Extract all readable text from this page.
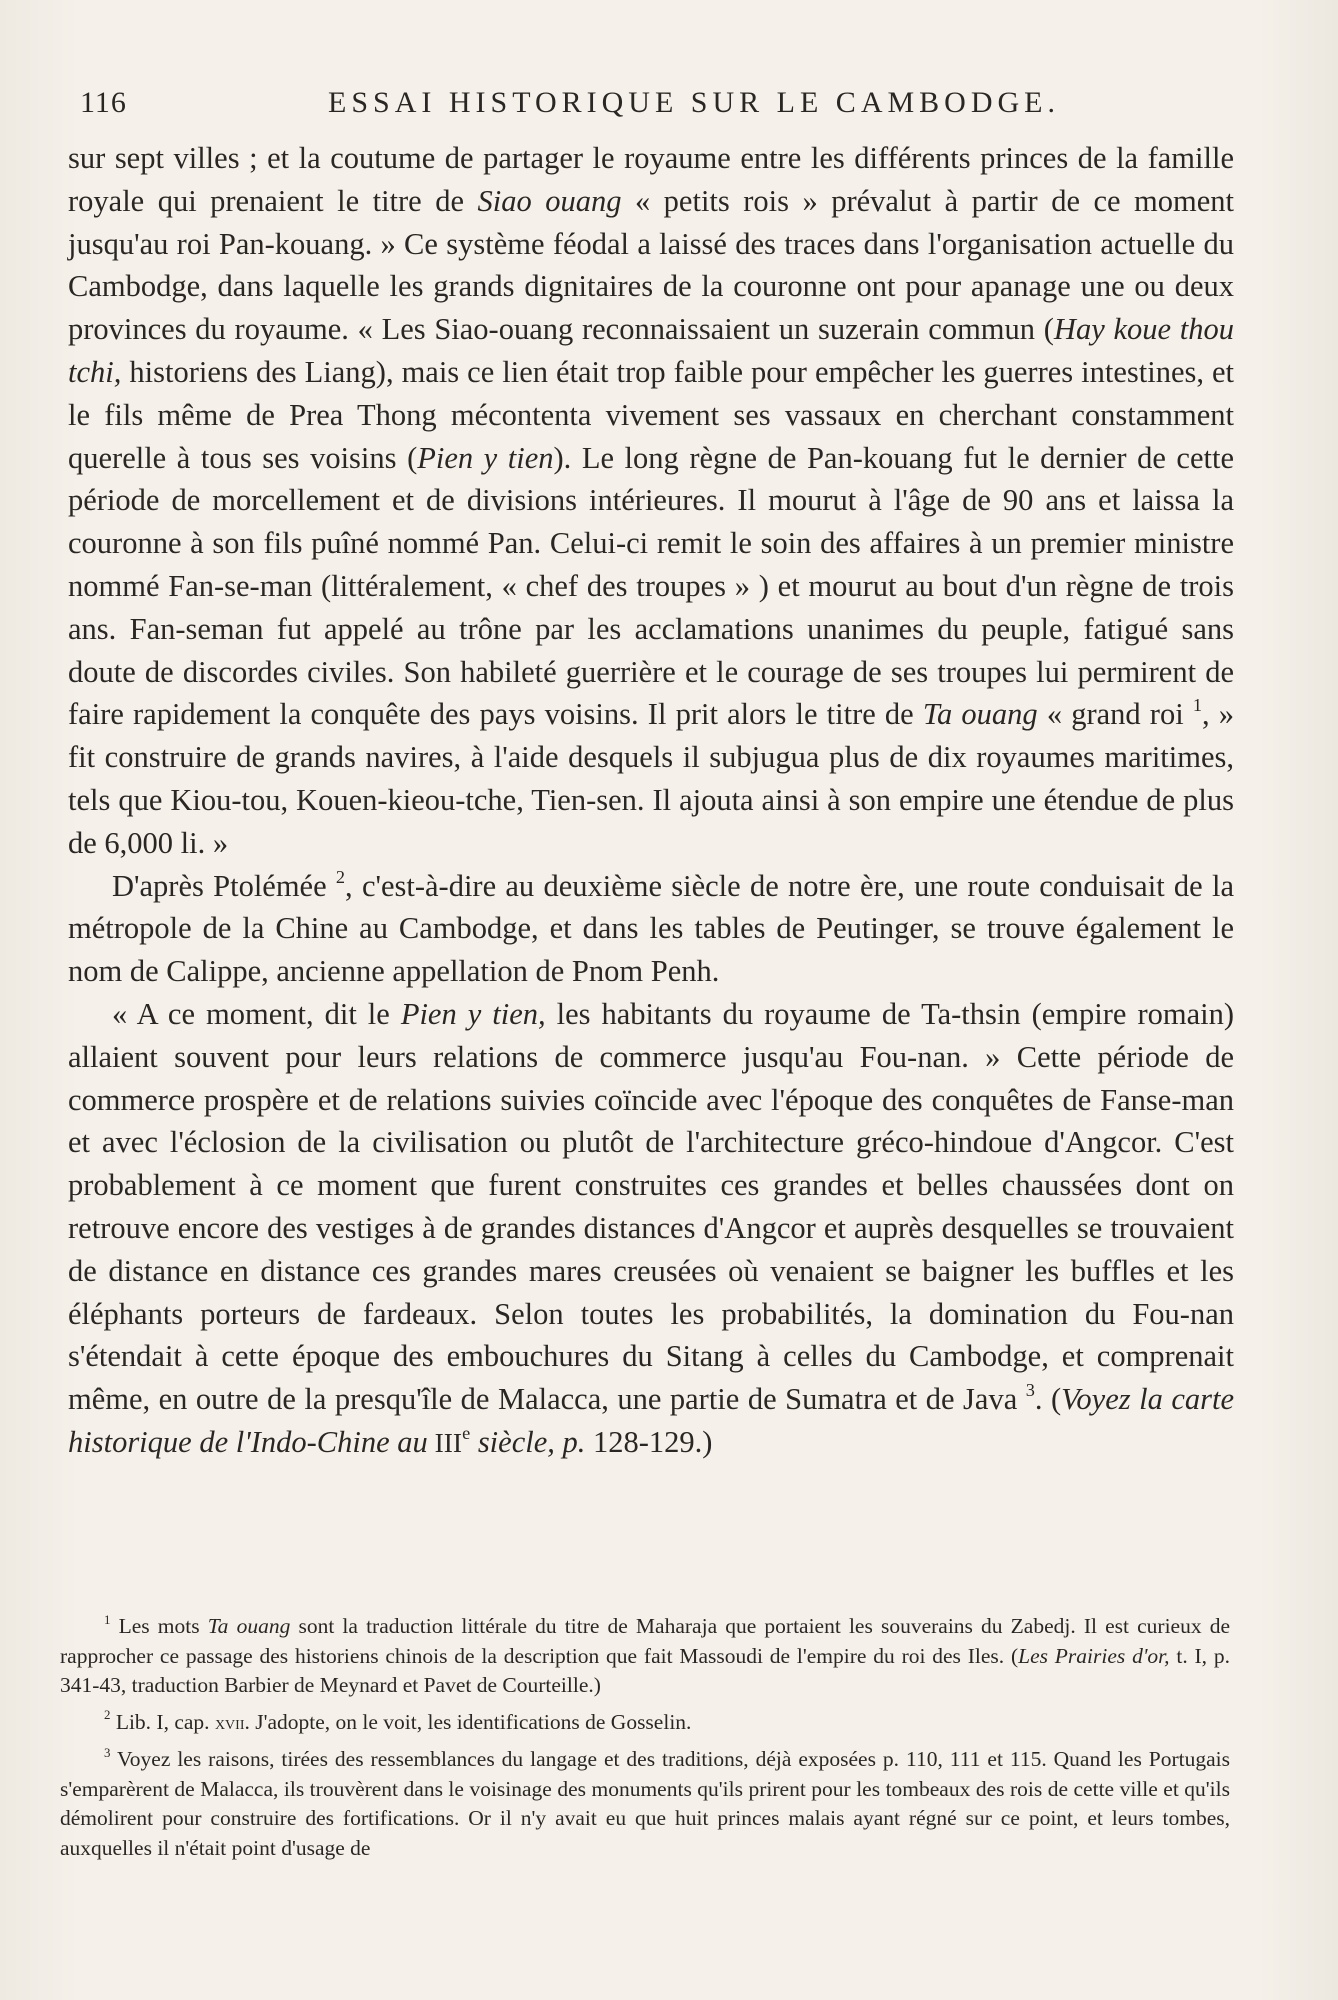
116	ESSAI HISTORIQUE SUR LE CAMBODGE.

sur sept villes ; et la coutume de partager le royaume entre les différents princes de la famille royale qui prenaient le titre de Siao ouang « petits rois » prévalut à partir de ce moment jusqu'au roi Pan-kouang. » Ce système féodal a laissé des traces dans l'organisation actuelle du Cambodge, dans laquelle les grands dignitaires de la couronne ont pour apanage une ou deux provinces du royaume. « Les Siao-ouang reconnaissaient un suzerain commun (Hay koue thou tchi, historiens des Liang), mais ce lien était trop faible pour empêcher les guerres intestines, et le fils même de Prea Thong mécontenta vivement ses vassaux en cherchant constamment querelle à tous ses voisins (Pien y tien). Le long règne de Pan-kouang fut le dernier de cette période de morcellement et de divisions intérieures. Il mourut à l'âge de 90 ans et laissa la couronne à son fils puîné nommé Pan. Celui-ci remit le soin des affaires à un premier ministre nommé Fan-se-man (littéralement, « chef des troupes » ) et mourut au bout d'un règne de trois ans. Fan-seman fut appelé au trône par les acclamations unanimes du peuple, fatigué sans doute de discordes civiles. Son habileté guerrière et le courage de ses troupes lui permirent de faire rapidement la conquête des pays voisins. Il prit alors le titre de Ta ouang « grand roi $^1$, » fit construire de grands navires, à l'aide desquels il subjugua plus de dix royaumes maritimes, tels que Kiou-tou, Kouen-kieou-tche, Tien-sen. Il ajouta ainsi à son empire une étendue de plus de 6,000 li. »

D'après Ptolémée $^2$, c'est-à-dire au deuxième siècle de notre ère, une route conduisait de la métropole de la Chine au Cambodge, et dans les tables de Peutinger, se trouve également le nom de Calippe, ancienne appellation de Pnom Penh.

« A ce moment, dit le Pien y tien, les habitants du royaume de Ta-thsin (empire romain) allaient souvent pour leurs relations de commerce jusqu'au Fou-nan. » Cette période de commerce prospère et de relations suivies coïncide avec l'époque des conquêtes de Fanse-man et avec l'éclosion de la civilisation ou plutôt de l'architecture gréco-hindoue d'Angcor. C'est probablement à ce moment que furent construites ces grandes et belles chaussées dont on retrouve encore des vestiges à de grandes distances d'Angcor et auprès desquelles se trouvaient de distance en distance ces grandes mares creusées où venaient se baigner les buffles et les éléphants porteurs de fardeaux. Selon toutes les probabilités, la domination du Fou-nan s'étendait à cette époque des embouchures du Sitang à celles du Cambodge, et comprenait même, en outre de la presqu'île de Malacca, une partie de Sumatra et de Java $^3$. (Voyez la carte historique de l'Indo-Chine au IIIe siècle, p. 128-129.)

$^1$ Les mots Ta ouang sont la traduction littérale du titre de Maharaja que portaient les souverains du Zabedj. Il est curieux de rapprocher ce passage des historiens chinois de la description que fait Massoudi de l'empire du roi des Iles. (Les Prairies d'or, t. I, p. 341-43, traduction Barbier de Meynard et Pavet de Courteille.)

$^2$ Lib. I, cap. xvii. J'adopte, on le voit, les identifications de Gosselin.

$^3$ Voyez les raisons, tirées des ressemblances du langage et des traditions, déjà exposées p. 110, 111 et 115. Quand les Portugais s'emparèrent de Malacca, ils trouvèrent dans le voisinage des monuments qu'ils prirent pour les tombeaux des rois de cette ville et qu'ils démolirent pour construire des fortifications. Or il n'y avait eu que huit princes malais ayant régné sur ce point, et leurs tombes, auxquelles il n'était point d'usage de
